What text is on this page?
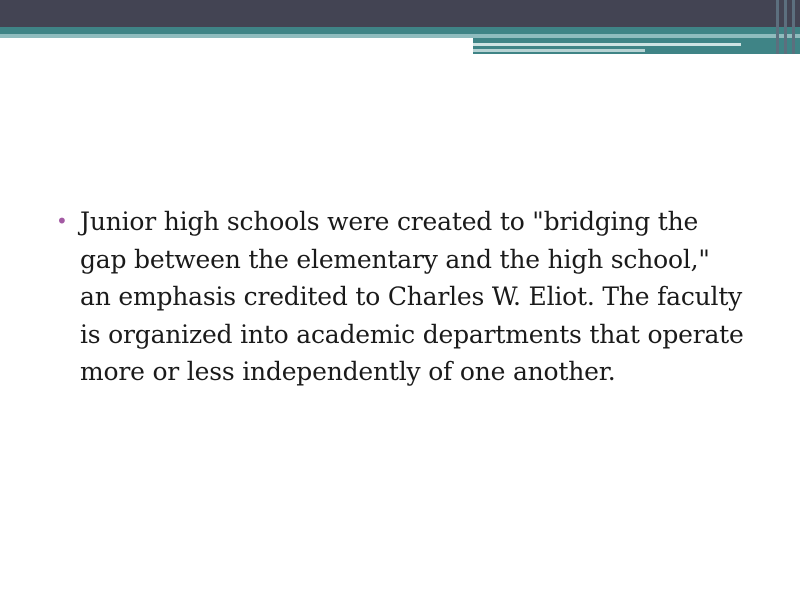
• Junior high schools were created to "bridging the gap between the elementary and the high school," an emphasis credited to Charles W. Eliot. The faculty is organized into academic departments that operate more or less independently of one another.
